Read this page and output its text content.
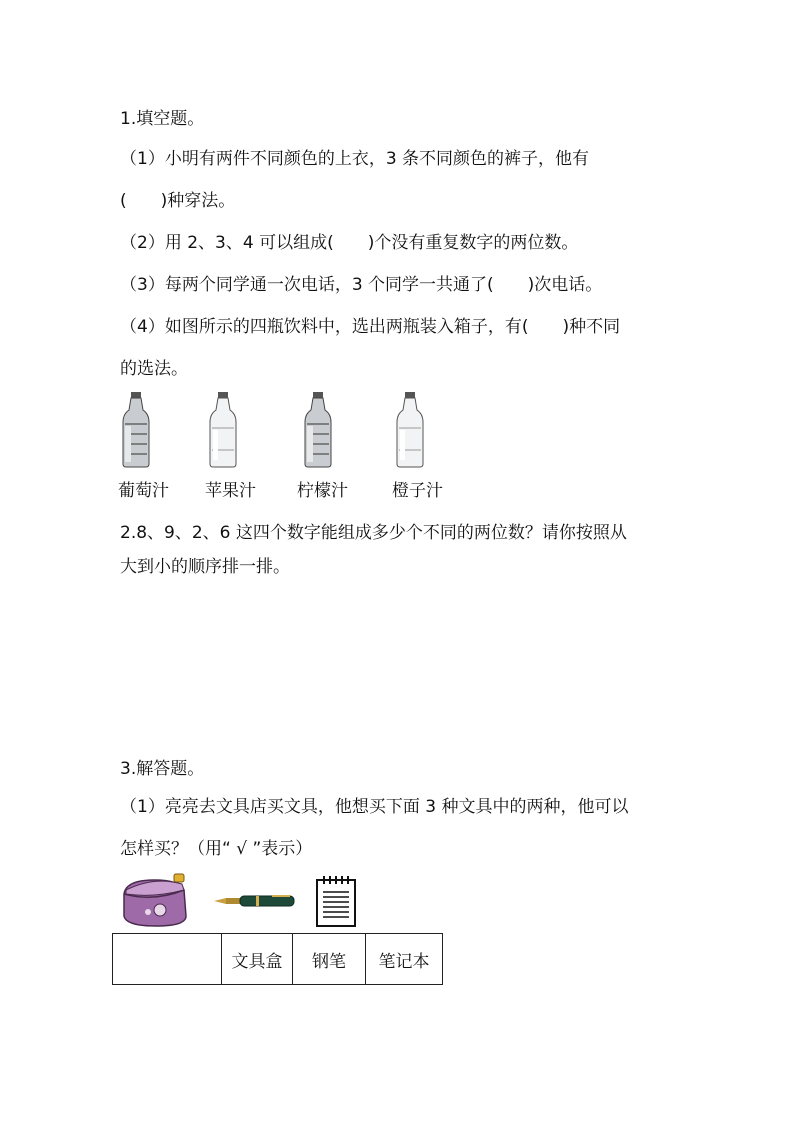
1.填空题。
（1）小明有两件不同颜色的上衣，3 条不同颜色的裤子，他有
(　　)种穿法。
（2）用 2、3、4 可以组成(　　)个没有重复数字的两位数。
（3）每两个同学通一次电话，3 个同学一共通了(　　)次电话。
（4）如图所示的四瓶饮料中，选出两瓶装入箱子，有(　　)种不同
的选法。
葡萄汁 苹果汁 柠檬汁	橙子汁
2.8、9、2、6 这四个数字能组成多少个不同的两位数？请你按照从
大到小的顺序排一排。
3.解答题。
（1）亮亮去文具店买文具，他想买下面 3 种文具中的两种，他可以
怎样买？（用“ √ ”表示）
	文具盒	钢笔	笔记本
